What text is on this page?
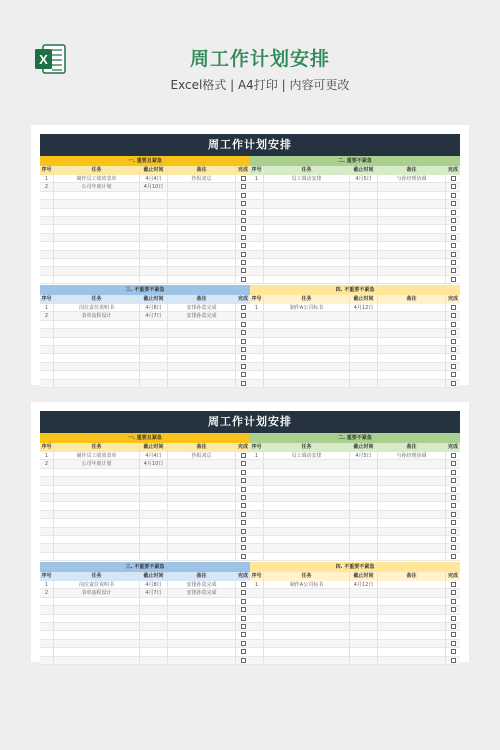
X	周工作计划安排
Excel格式 | A4打印 | 内容可更改
周工作计划安排
一. 重要且紧急
序号	任务	截止时间	备注	完成
1	制作员工绩效表单	4月4日	抄报刘总
2	公司年度计划	4月10日
二. 重要不紧急
序号	任务	截止时间	备注	完成
1	员工调动安排	4月5日	与孙经理协调
三. 不重要不紧急
序号	任务	截止时间	备注	完成
1	岗位责任说明书	4月8日	安排孙莫完成
2	表单流程设计	4月7日	安排孙莫完成
四. 不重要不紧急
序号	任务	截止时间	备注	完成
1	制作A公司标书	4月12日
周工作计划安排
一. 重要且紧急
序号	任务	截止时间	备注	完成
1	制作员工绩效表单	4月4日	抄报刘总
2	公司年度计划	4月10日
二. 重要不紧急
序号	任务	截止时间	备注	完成
1	员工调动安排	4月5日	与孙经理协调
三. 不重要不紧急
序号	任务	截止时间	备注	完成
1	岗位责任说明书	4月8日	安排孙莫完成
2	表单流程设计	4月7日	安排孙莫完成
四. 不重要不紧急
序号	任务	截止时间	备注	完成
1	制作A公司标书	4月12日
